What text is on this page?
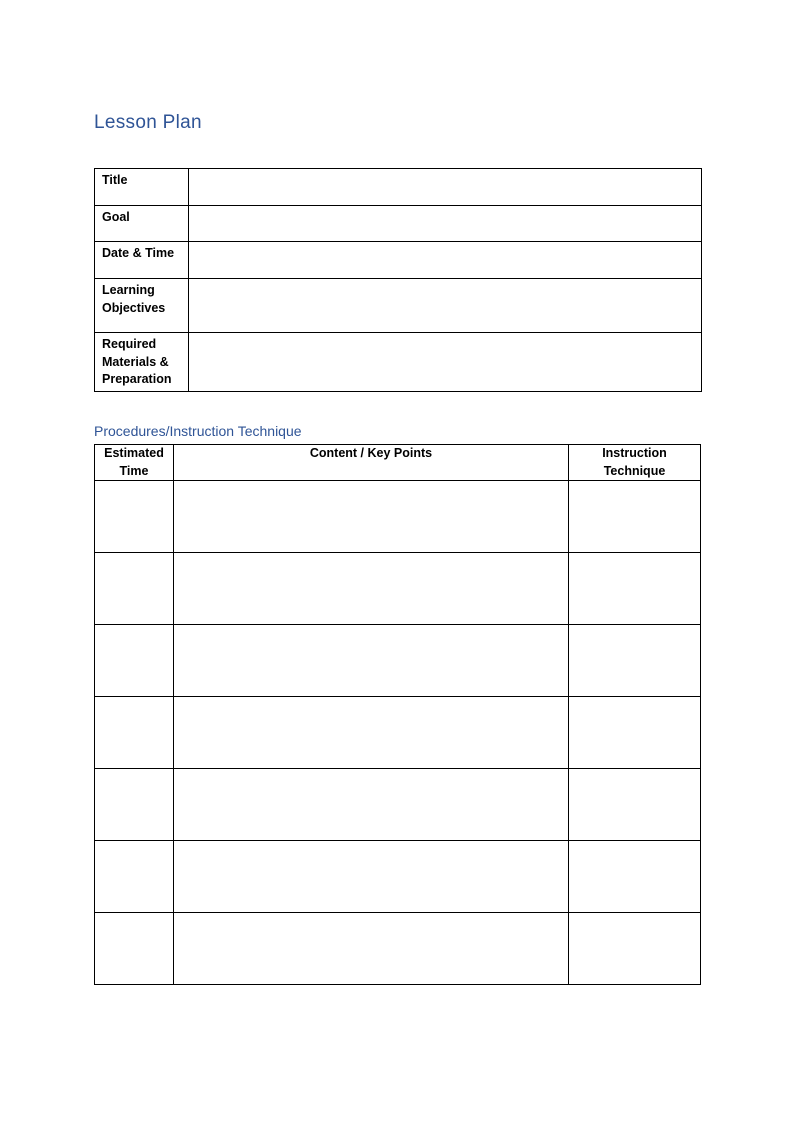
Lesson Plan
Title	
Goal	
Date & Time	
Learning Objectives	
Required Materials & Preparation	
Procedures/Instruction Technique
Estimated Time	Content / Key Points	Instruction Technique
